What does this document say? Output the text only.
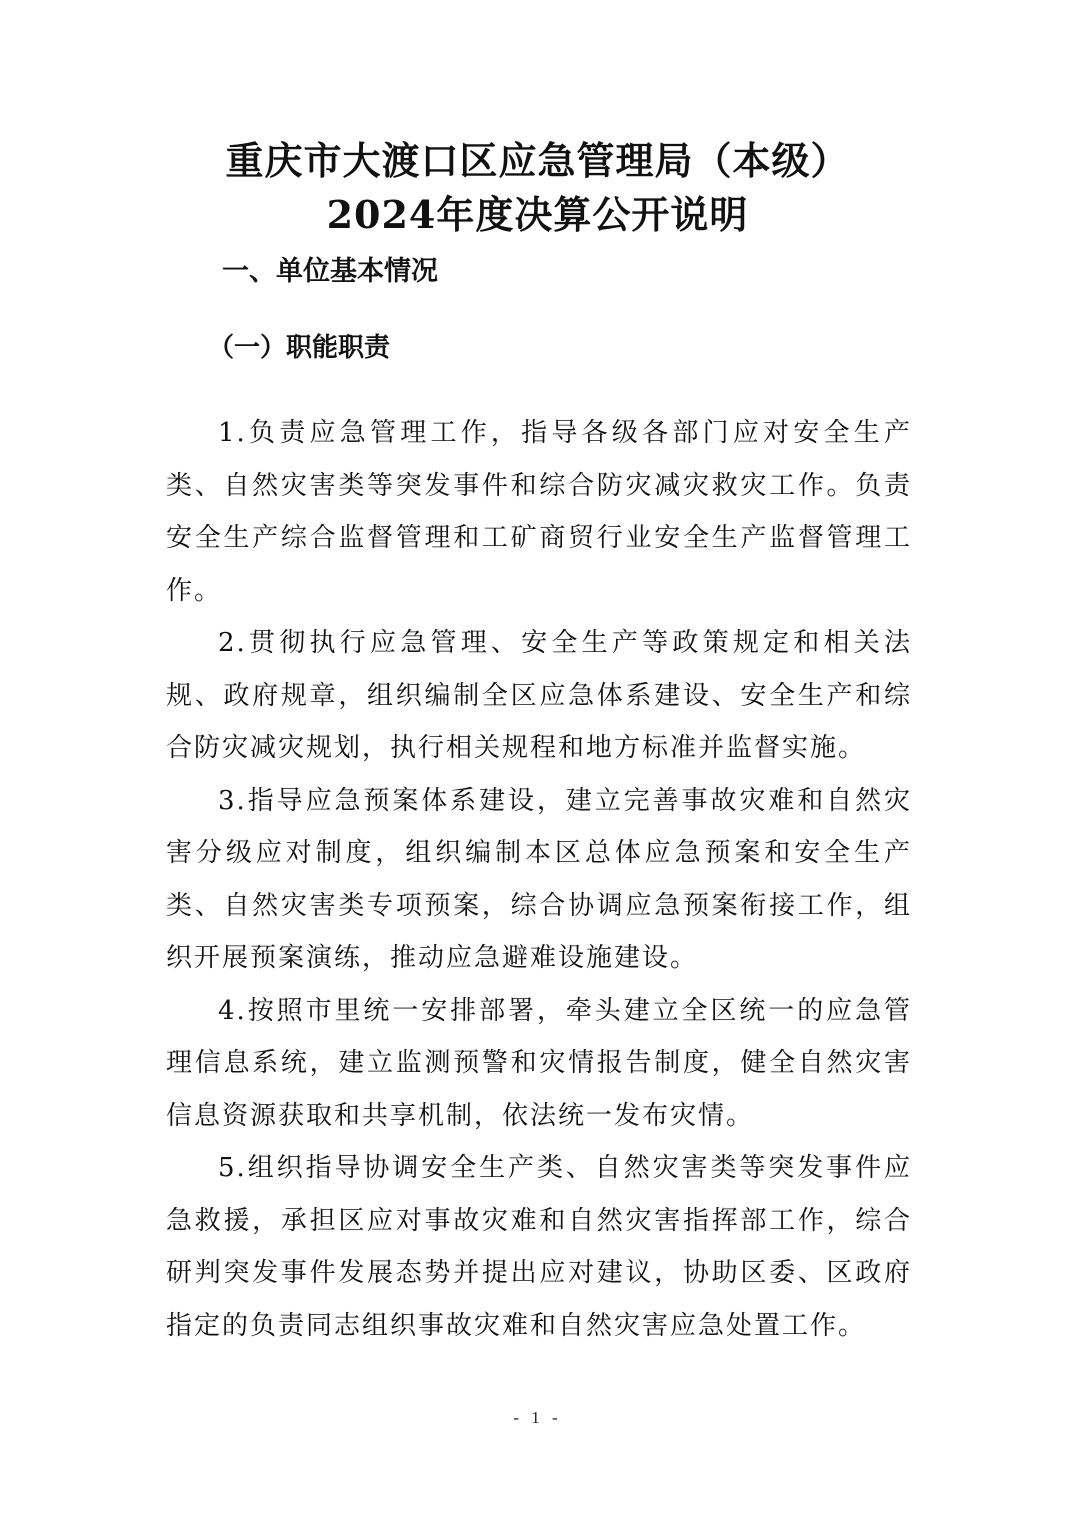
重庆市大渡口区应急管理局（本级）
2024年度决算公开说明
一、单位基本情况
（一）职能职责

1.负责应急管理工作，指导各级各部门应对安全生产类、自然灾害类等突发事件和综合防灾减灾救灾工作。负责安全生产综合监督管理和工矿商贸行业安全生产监督管理工作。

2.贯彻执行应急管理、安全生产等政策规定和相关法规、政府规章，组织编制全区应急体系建设、安全生产和综合防灾减灾规划，执行相关规程和地方标准并监督实施。

3.指导应急预案体系建设，建立完善事故灾难和自然灾害分级应对制度，组织编制本区总体应急预案和安全生产类、自然灾害类专项预案，综合协调应急预案衔接工作，组织开展预案演练，推动应急避难设施建设。

4.按照市里统一安排部署，牵头建立全区统一的应急管理信息系统，建立监测预警和灾情报告制度，健全自然灾害信息资源获取和共享机制，依法统一发布灾情。

5.组织指导协调安全生产类、自然灾害类等突发事件应急救援，承担区应对事故灾难和自然灾害指挥部工作，综合研判突发事件发展态势并提出应对建议，协助区委、区政府指定的负责同志组织事故灾难和自然灾害应急处置工作。

- 1 -
